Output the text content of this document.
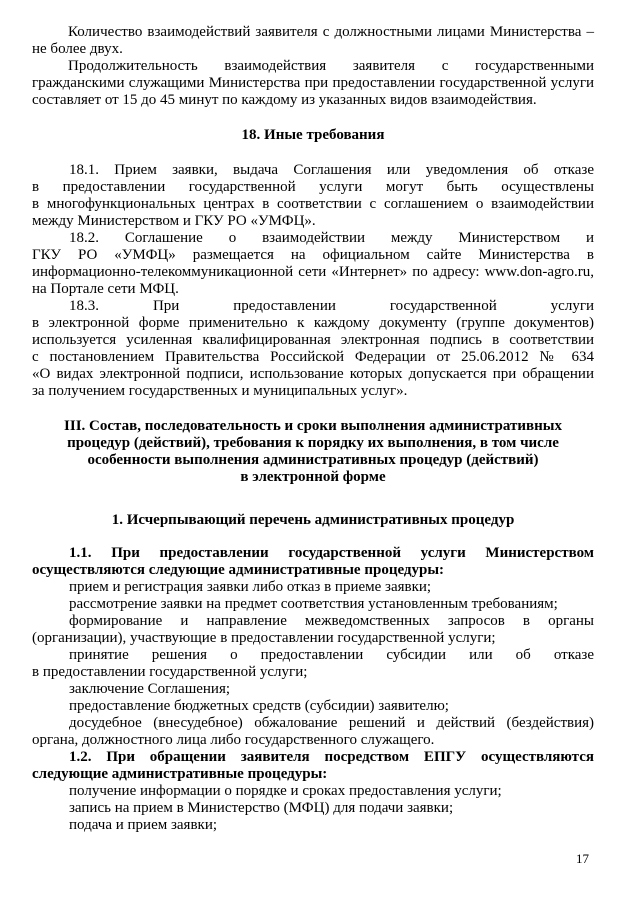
Количество взаимодействий заявителя с должностными лицами Министерства –
не более двух.
Продолжительность взаимодействия заявителя с государственными
гражданскими служащими Министерства при предоставлении государственной услуги
составляет от 15 до 45 минут по каждому из указанных видов взаимодействия.
18. Иные требования
18.1. Прием заявки, выдача Соглашения или уведомления об отказе
в предоставлении государственной услуги могут быть осуществлены
в многофункциональных центрах в соответствии с соглашением о взаимодействии
между Министерством и ГКУ РО «УМФЦ».
18.2. Соглашение о взаимодействии между Министерством и
ГКУ РО «УМФЦ» размещается на официальном сайте Министерства в
информационно-телекоммуникационной сети «Интернет» по адресу: www.don-agro.ru,
на Портале сети МФЦ.
18.3. При предоставлении государственной услуги
в электронной форме применительно к каждому документу (группе документов)
используется усиленная квалифицированная электронная подпись в соответствии
с постановлением Правительства Российской Федерации от 25.06.2012 № 634
«О видах электронной подписи, использование которых допускается при обращении
за получением государственных и муниципальных услуг».
III. Состав, последовательность и сроки выполнения административных
процедур (действий), требования к порядку их выполнения, в том числе
особенности выполнения административных процедур (действий)
в электронной форме
1. Исчерпывающий перечень административных процедур
1.1. При предоставлении государственной услуги Министерством
осуществляются следующие административные процедуры:
прием и регистрация заявки либо отказ в приеме заявки;
рассмотрение заявки на предмет соответствия установленным требованиям;
формирование и направление межведомственных запросов в органы
(организации), участвующие в предоставлении государственной услуги;
принятие решения о предоставлении субсидии или об отказе
в предоставлении государственной услуги;
заключение Соглашения;
предоставление бюджетных средств (субсидии) заявителю;
досудебное (внесудебное) обжалование решений и действий (бездействия)
органа, должностного лица либо государственного служащего.
1.2. При обращении заявителя посредством ЕПГУ осуществляются
следующие административные процедуры:
получение информации о порядке и сроках предоставления услуги;
запись на прием в Министерство (МФЦ) для подачи заявки;
подача и прием заявки;
17
